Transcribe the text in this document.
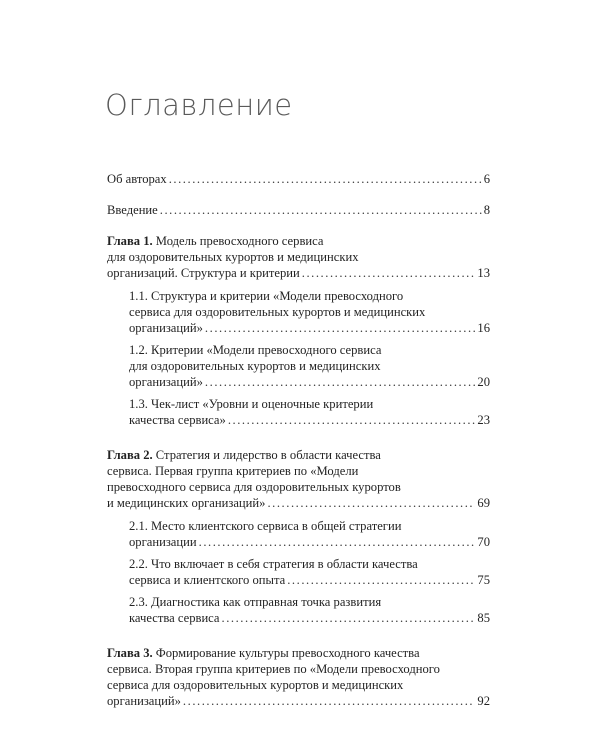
Оглавление
Об авторах . . .	6
Введение . . .	8
Глава 1. Модель превосходного сервиса
для оздоровительных курортов и медицинских
организаций. Структура и критерии . . .	13
1.1. Структура и критерии «Модели превосходного
сервиса для оздоровительных курортов и медицинских
организаций» . . .	16
1.2. Критерии «Модели превосходного сервиса
для оздоровительных курортов и медицинских
организаций» . . .	20
1.3. Чек-лист «Уровни и оценочные критерии
качества сервиса» . . .	23
Глава 2. Стратегия и лидерство в области качества
сервиса. Первая группа критериев по «Модели
превосходного сервиса для оздоровительных курортов
и медицинских организаций» . . .	69
2.1. Место клиентского сервиса в общей стратегии
организации . . .	70
2.2. Что включает в себя стратегия в области качества
сервиса и клиентского опыта . . .	75
2.3. Диагностика как отправная точка развития
качества сервиса . . .	85
Глава 3. Формирование культуры превосходного качества
сервиса. Вторая группа критериев по «Модели превосходного
сервиса для оздоровительных курортов и медицинских
организаций» . . .	92
